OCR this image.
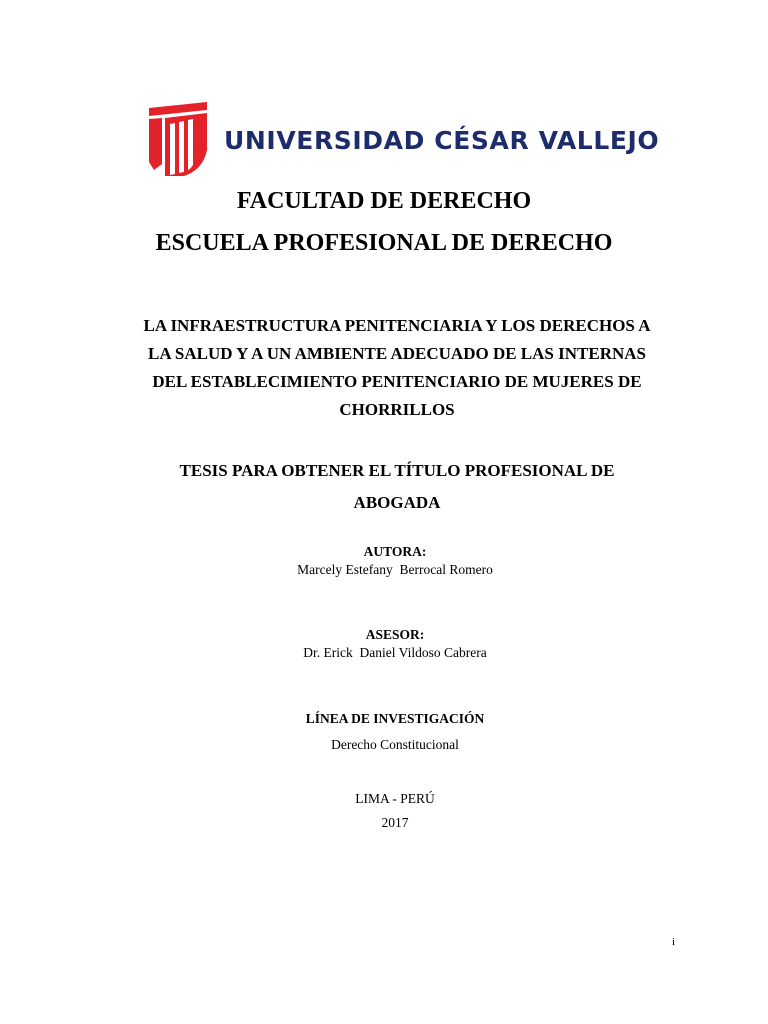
UNIVERSIDAD CÉSAR VALLEJO
FACULTAD DE DERECHO
ESCUELA PROFESIONAL DE DERECHO
LA INFRAESTRUCTURA PENITENCIARIA Y LOS DERECHOS A
LA SALUD Y A UN AMBIENTE ADECUADO DE LAS INTERNAS
DEL ESTABLECIMIENTO PENITENCIARIO DE MUJERES DE
CHORRILLOS
TESIS PARA OBTENER EL TÍTULO PROFESIONAL DE
ABOGADA
AUTORA:
Marcely Estefany  Berrocal Romero
ASESOR:
Dr. Erick  Daniel Vildoso Cabrera
LÍNEA DE INVESTIGACIÓN
Derecho Constitucional
LIMA - PERÚ
2017
i
